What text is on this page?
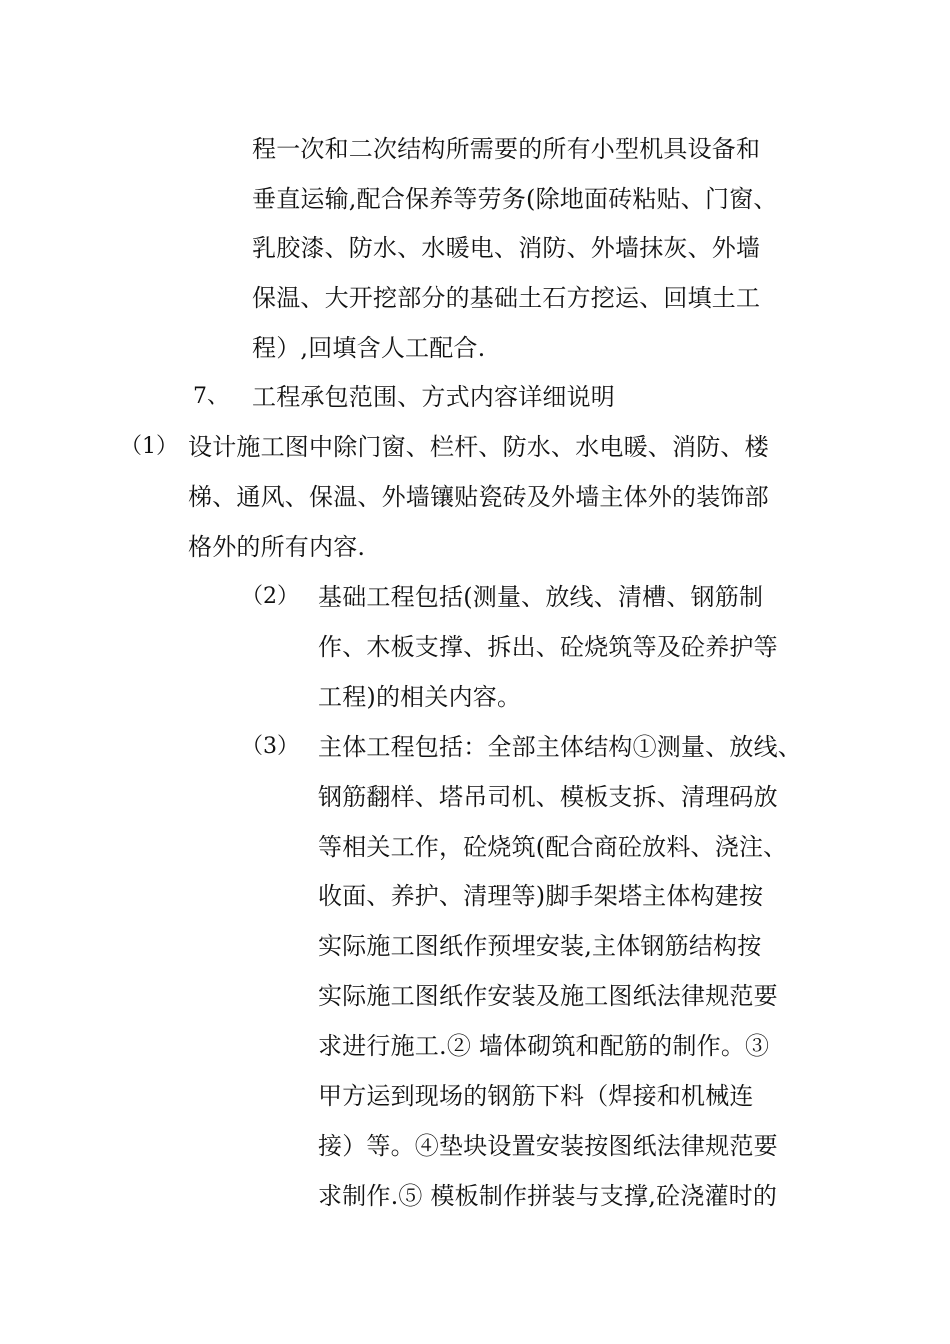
程一次和二次结构所需要的所有小型机具设备和
垂直运输,配合保养等劳务(除地面砖粘贴、门窗、
乳胶漆、防水、水暖电、消防、外墙抹灰、外墙
保温、大开挖部分的基础土石方挖运、回填土工
程）,回填含人工配合.
7、 工程承包范围、方式内容详细说明
（1） 设计施工图中除门窗、栏杆、防水、水电暖、消防、楼
梯、通风、保温、外墙镶贴瓷砖及外墙主体外的装饰部
格外的所有内容.
（2） 基础工程包括(测量、放线、清槽、钢筋制
作、木板支撑、拆出、砼烧筑等及砼养护等
工程)的相关内容。
（3） 主体工程包括：全部主体结构①测量、放线、
钢筋翻样、塔吊司机、模板支拆、清理码放
等相关工作，砼烧筑(配合商砼放料、浇注、
收面、养护、清理等)脚手架塔主体构建按
实际施工图纸作预埋安装,主体钢筋结构按
实际施工图纸作安装及施工图纸法律规范要
求进行施工.② 墙体砌筑和配筋的制作。③
甲方运到现场的钢筋下料（焊接和机械连
接）等。④垫块设置安装按图纸法律规范要
求制作.⑤ 模板制作拼装与支撑,砼浇灌时的
